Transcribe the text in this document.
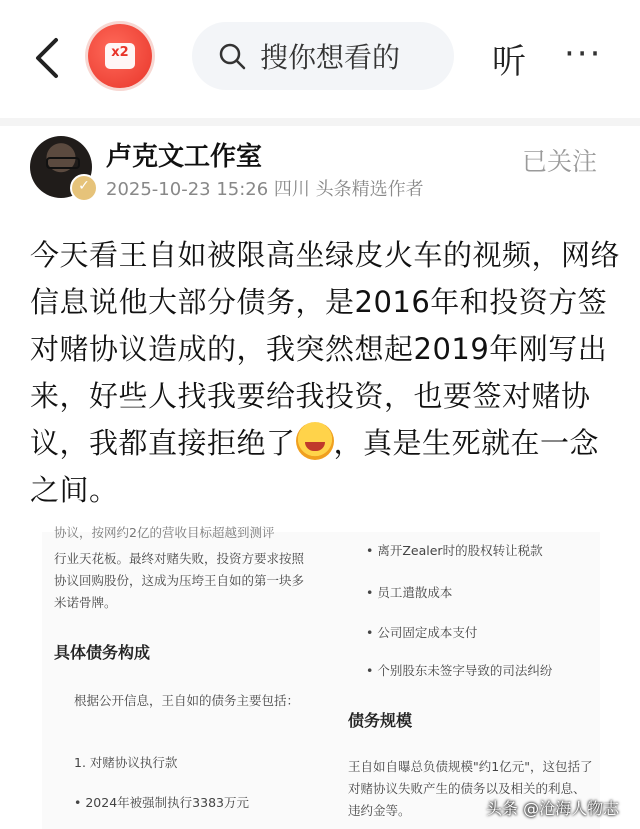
x2	搜你想看的	听 ···
✓
卢克文工作室
2025-10-23 15:26 四川 头条精选作者
已关注
今天看王自如被限高坐绿皮火车的视频，网络信息说他大部分债务，是2016年和投资方签对赌协议造成的，我突然想起2019年刚写出来，好些人找我要给我投资，也要签对赌协议，我都直接拒绝了 ，真是生死就在一念之间。

协议，按网约2亿的营收目标超越到测评

行业天花板。最终对赌失败，投资方要求按照协议回购股份，这成为压垮王自如的第一块多米诺骨牌。

具体债务构成

根据公开信息，王自如的债务主要包括：

1. 对赌协议执行款

• 2024年被强制执行3383万元

• 离开Zealer时的股权转让税款

• 员工遣散成本

• 公司固定成本支付

• 个别股东未签字导致的司法纠纷

债务规模

王自如自曝总负债规模"约1亿元"，这包括了对赌协议失败产生的债务以及相关的利息、违约金等。	头条 @沧海人物志
